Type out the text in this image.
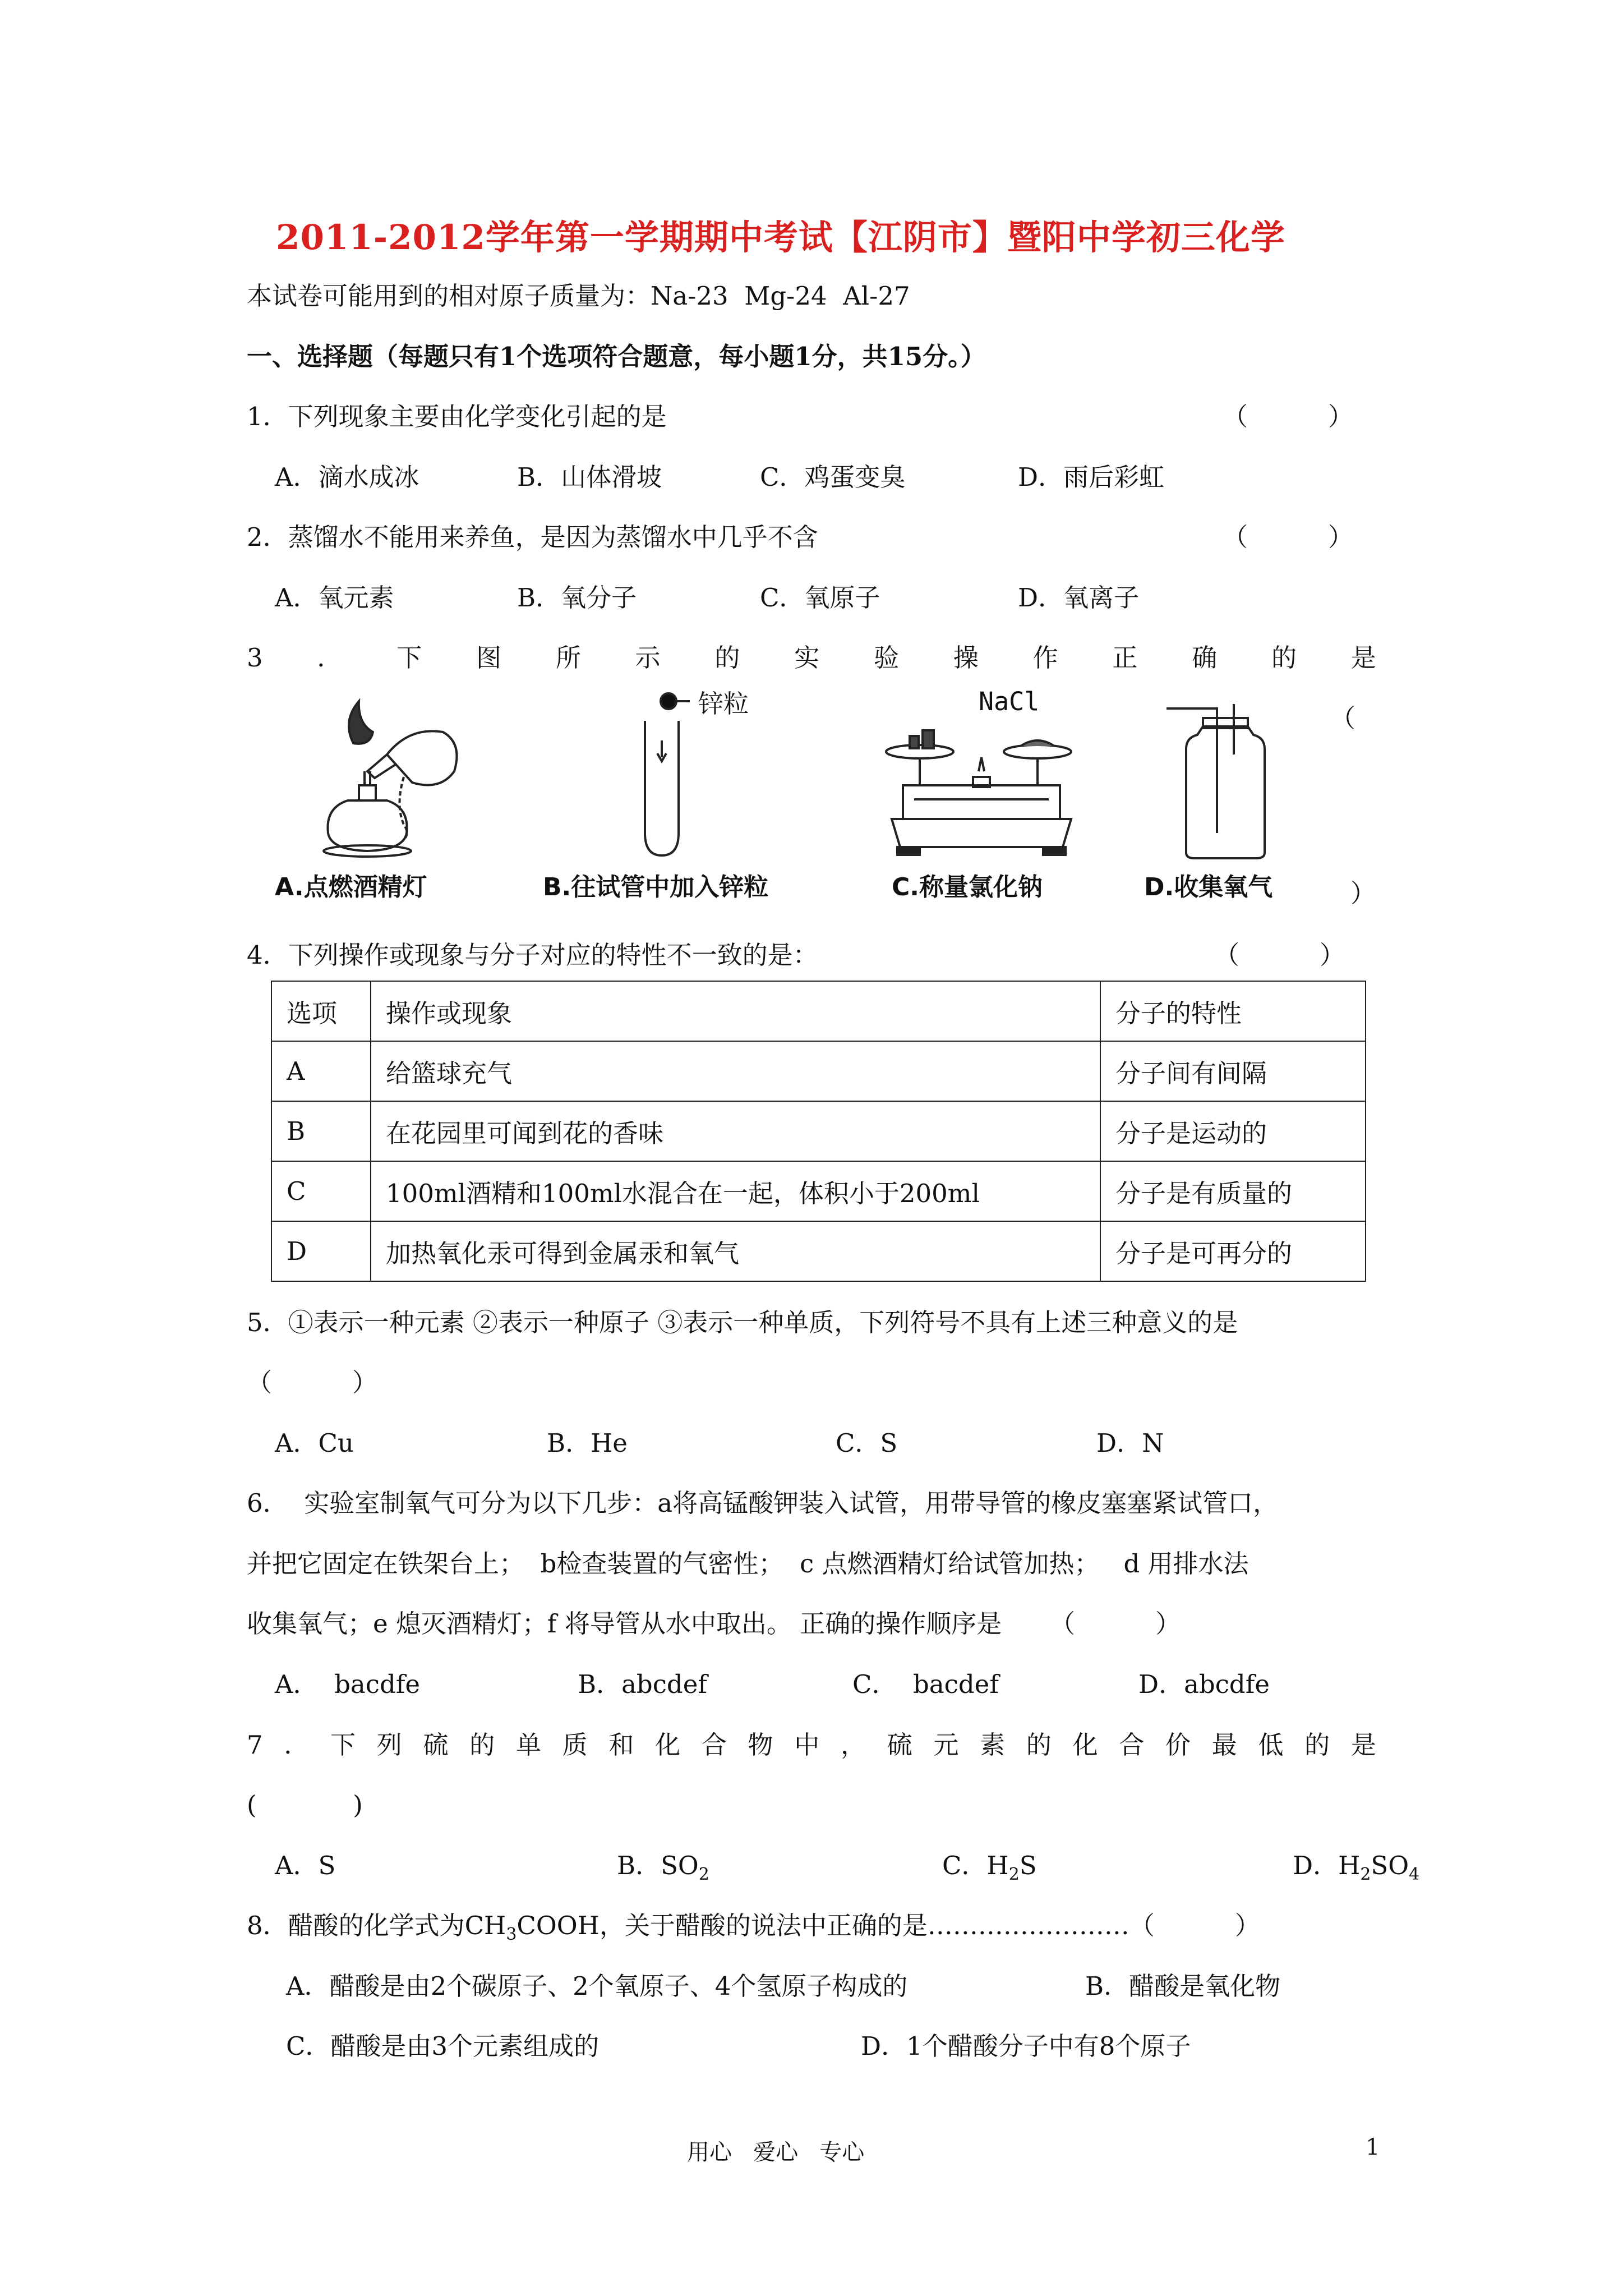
2011-2012学年第一学期期中考试【江阴市】暨阳中学初三化学
本试卷可能用到的相对原子质量为：Na-23  Mg-24  Al-27
一、选择题（每题只有1个选项符合题意，每小题1分，共15分。）
1．下列现象主要由化学变化引起的是	（          ）
A．滴水成冰	B．山体滑坡	C．鸡蛋变臭	D．雨后彩虹
2．蒸馏水不能用来养鱼，是因为蒸馏水中几乎不含	（          ）
A．氧元素	B．氧分子	C．氧原子	D．氧离子
3 ． 下 图 所 示 的 实 验 操 作 正 确 的 是
（
）
A.点燃酒精灯
锌粒
B.往试管中加入锌粒
NaCl
C.称量氯化钠	D.收集氧气
4．下列操作或现象与分子对应的特性不一致的是：	（          ）
选项	操作或现象	分子的特性
A	给篮球充气	分子间有间隔
B	在花园里可闻到花的香味	分子是运动的
C	100ml酒精和100ml水混合在一起，体积小于200ml	分子是有质量的
D	加热氧化汞可得到金属汞和氧气	分子是可再分的
5．①表示一种元素 ②表示一种原子 ③表示一种单质，下列符号不具有上述三种意义的是
（          ）
A．Cu	B．He	C．S	D．N
6．  实验室制氧气可分为以下几步：a将高锰酸钾装入试管，用带导管的橡皮塞塞紧试管口，
并把它固定在铁架台上；  b检查装置的气密性；  c 点燃酒精灯给试管加热；   d 用排水法
收集氧气；e 熄灭酒精灯；f 将导管从水中取出。 正确的操作顺序是      （          ）
A．  bacdfe	B．abcdef	C．  bacdef	D．abcdfe
7 ． 下 列 硫 的 单 质 和 化 合 物 中 ， 硫 元 素 的 化 合 价 最 低 的 是
(            )
A．S	B．$SO_2$	C．$H_2S$	D．$H_2SO_4$
8．醋酸的化学式为$CH_3COOH$，关于醋酸的说法中正确的是……………………（          ）
A．醋酸是由2个碳原子、2个氧原子、4个氢原子构成的	B．醋酸是氧化物
C．醋酸是由3个元素组成的	D．1个醋酸分子中有8个原子
用心   爱心   专心	1
